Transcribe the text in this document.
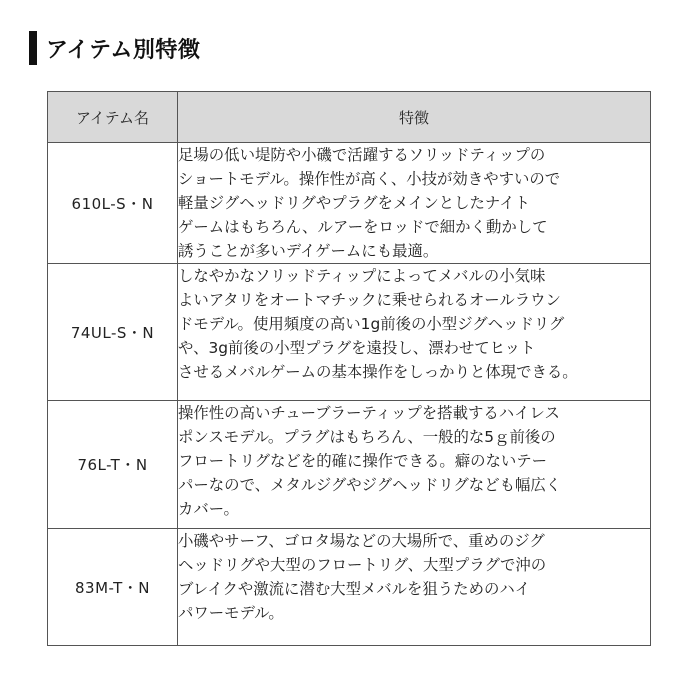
アイテム別特徴
アイテム名	特徴
610L-S・N	足場の低い堤防や小磯で活躍するソリッドティップの
ショートモデル。操作性が高く、小技が効きやすいので
軽量ジグヘッドリグやプラグをメインとしたナイト
ゲームはもちろん、ルアーをロッドで細かく動かして
誘うことが多いデイゲームにも最適。

74UL-S・N	しなやかなソリッドティップによってメバルの小気味
よいアタリをオートマチックに乗せられるオールラウン
ドモデル。使用頻度の高い1g前後の小型ジグヘッドリグ
や、3g前後の小型プラグを遠投し、漂わせてヒット
させるメバルゲームの基本操作をしっかりと体現できる。

76L-T・N	操作性の高いチューブラーティップを搭載するハイレス
ポンスモデル。プラグはもちろん、一般的な5ｇ前後の
フロートリグなどを的確に操作できる。癖のないテー
パーなので、メタルジグやジグヘッドリグなども幅広く
カバー。

83M-T・N	小磯やサーフ、ゴロタ場などの大場所で、重めのジグ
ヘッドリグや大型のフロートリグ、大型プラグで沖の
ブレイクや激流に潜む大型メバルを狙うためのハイ
パワーモデル。
